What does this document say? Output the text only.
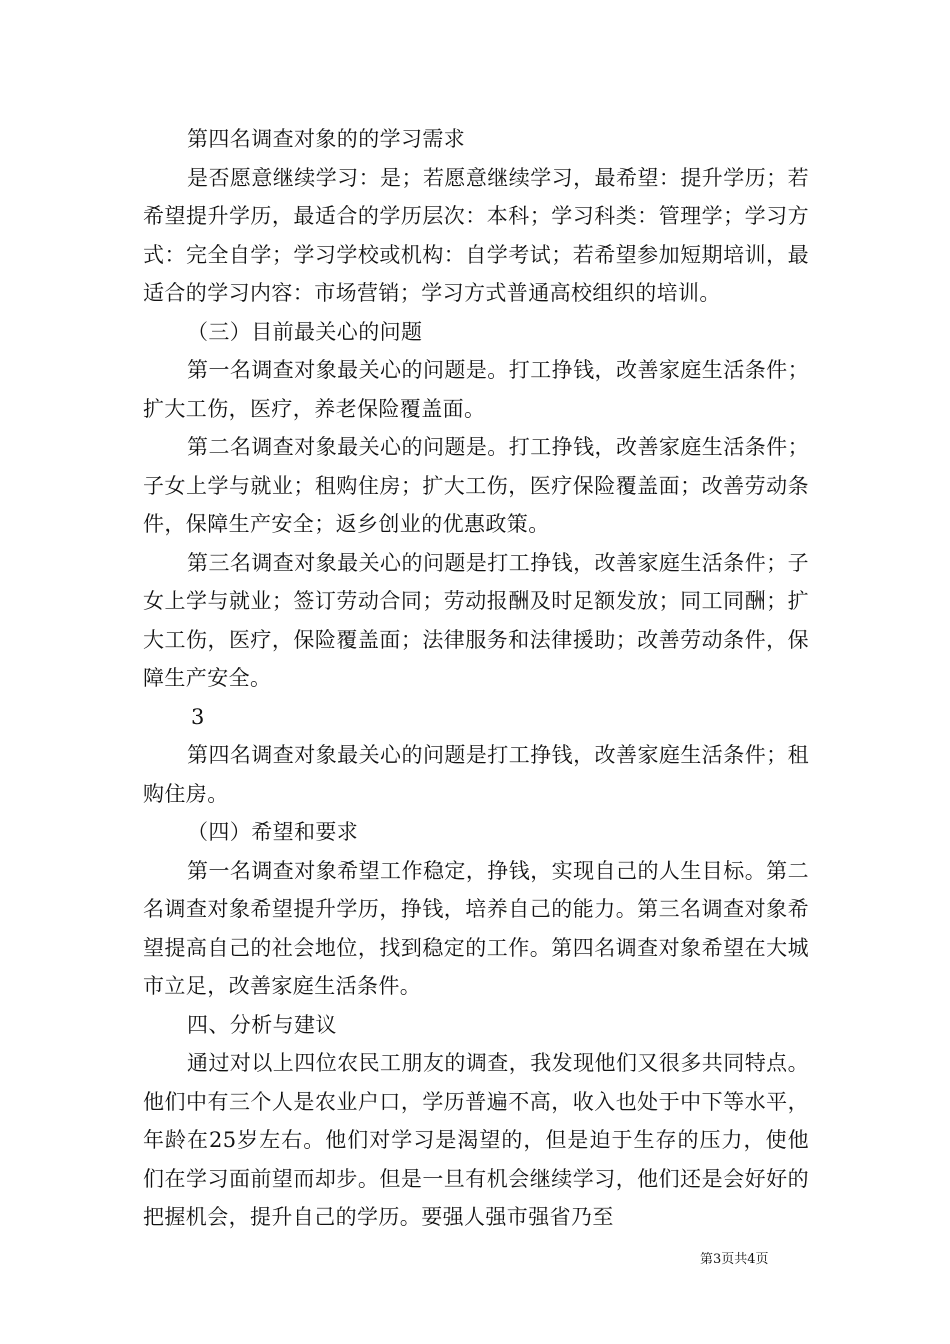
第四名调查对象的的学习需求

是否愿意继续学习：是；若愿意继续学习，最希望：提升学历；若希望提升学历，最适合的学历层次：本科；学习科类：管理学；学习方式：完全自学；学习学校或机构：自学考试；若希望参加短期培训，最适合的学习内容：市场营销；学习方式普通高校组织的培训。

（三）目前最关心的问题

第一名调查对象最关心的问题是。打工挣钱，改善家庭生活条件；扩大工伤，医疗，养老保险覆盖面。

第二名调查对象最关心的问题是。打工挣钱，改善家庭生活条件；子女上学与就业；租购住房；扩大工伤，医疗保险覆盖面；改善劳动条件，保障生产安全；返乡创业的优惠政策。

第三名调查对象最关心的问题是打工挣钱，改善家庭生活条件；子女上学与就业；签订劳动合同；劳动报酬及时足额发放；同工同酬；扩大工伤，医疗，保险覆盖面；法律服务和法律援助；改善劳动条件，保障生产安全。

3

第四名调查对象最关心的问题是打工挣钱，改善家庭生活条件；租购住房。

（四）希望和要求

第一名调查对象希望工作稳定，挣钱，实现自己的人生目标。第二名调查对象希望提升学历，挣钱，培养自己的能力。第三名调查对象希望提高自己的社会地位，找到稳定的工作。第四名调查对象希望在大城市立足，改善家庭生活条件。

四、分析与建议

通过对以上四位农民工朋友的调查，我发现他们又很多共同特点。他们中有三个人是农业户口，学历普遍不高，收入也处于中下等水平，年龄在25岁左右。他们对学习是渴望的，但是迫于生存的压力，使他们在学习面前望而却步。但是一旦有机会继续学习，他们还是会好好的把握机会，提升自己的学历。要强人强市强省乃至

第3页共4页
